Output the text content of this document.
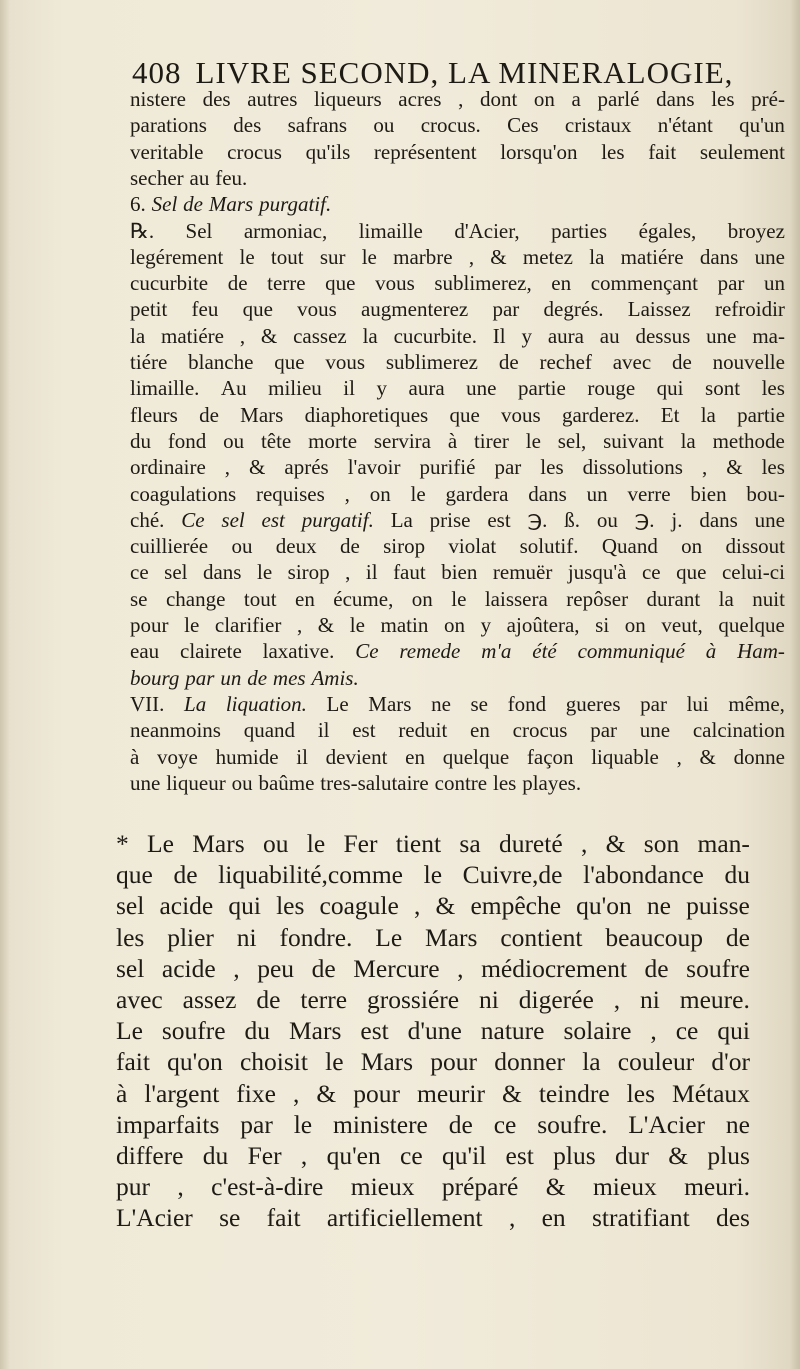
408 LIVRE SECOND, LA MINERALOGIE,
nistere des autres liqueurs acres , dont on a parlé dans les pré-
parations des safrans ou crocus. Ces cristaux n'étant qu'un
veritable crocus qu'ils représentent lorsqu'on les fait seulement
secher au feu.
6. Sel de Mars purgatif.
℞. Sel armoniac, limaille d'Acier, parties égales, broyez
legérement le tout sur le marbre , & metez la matiére dans une
cucurbite de terre que vous sublimerez, en commençant par un
petit feu que vous augmenterez par degrés. Laissez refroidir
la matiére , & cassez la cucurbite. Il y aura au dessus une ma-
tiére blanche que vous sublimerez de rechef avec de nouvelle
limaille. Au milieu il y aura une partie rouge qui sont les
fleurs de Mars diaphoretiques que vous garderez. Et la partie
du fond ou tête morte servira à tirer le sel, suivant la methode
ordinaire , & aprés l'avoir purifié par les dissolutions , & les
coagulations requises , on le gardera dans un verre bien bou-
ché. Ce sel est purgatif. La prise est ℈. ß. ou ℈. j. dans une
cuillierée ou deux de sirop violat solutif. Quand on dissout
ce sel dans le sirop , il faut bien remuër jusqu'à ce que celui-ci
se change tout en écume, on le laissera repôser durant la nuit
pour le clarifier , & le matin on y ajoûtera, si on veut, quelque
eau clairete laxative. Ce remede m'a été communiqué à Ham-
bourg par un de mes Amis.
VII. La liquation. Le Mars ne se fond gueres par lui même,
neanmoins quand il est reduit en crocus par une calcination
à voye humide il devient en quelque façon liquable , & donne
une liqueur ou baûme tres-salutaire contre les playes.
* Le Mars ou le Fer tient sa dureté , & son man-
que de liquabilité,comme le Cuivre,de l'abondance du
sel acide qui les coagule , & empêche qu'on ne puisse
les plier ni fondre. Le Mars contient beaucoup de
sel acide , peu de Mercure , médiocrement de soufre
avec assez de terre grossiére ni digerée , ni meure.
Le soufre du Mars est d'une nature solaire , ce qui
fait qu'on choisit le Mars pour donner la couleur d'or
à l'argent fixe , & pour meurir & teindre les Métaux
imparfaits par le ministere de ce soufre. L'Acier ne
differe du Fer , qu'en ce qu'il est plus dur & plus
pur , c'est-à-dire mieux préparé & mieux meuri.
L'Acier se fait artificiellement , en stratifiant des
